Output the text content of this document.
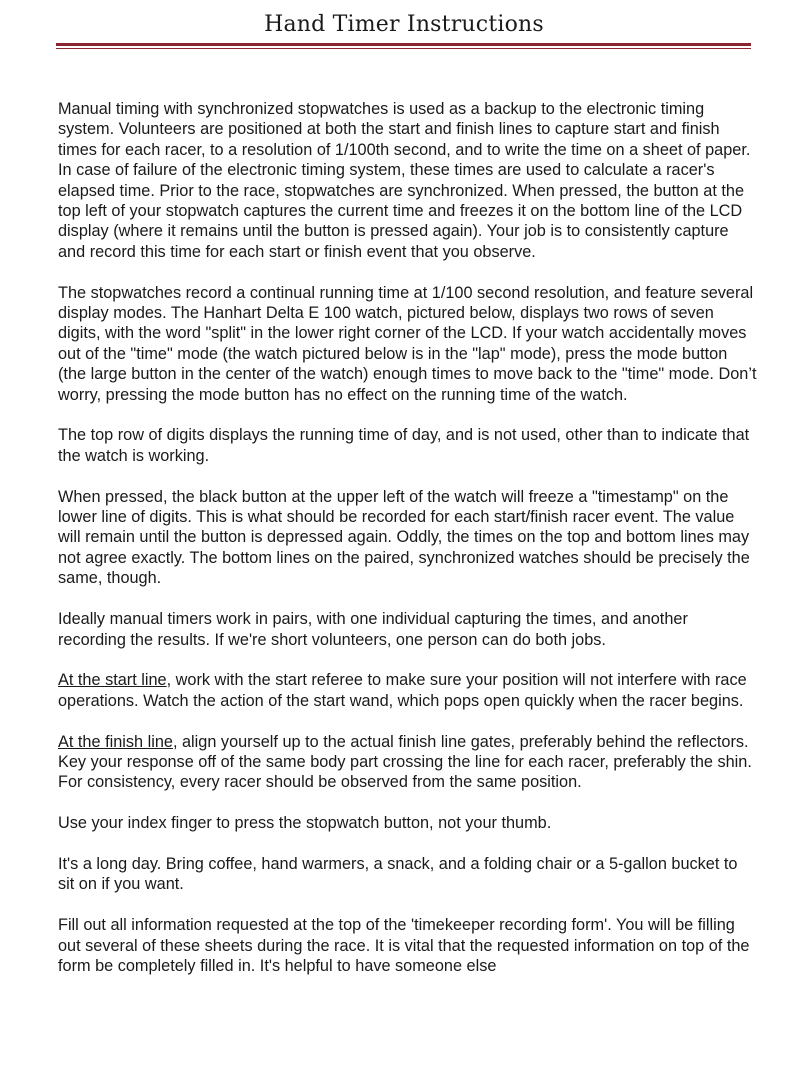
Hand Timer Instructions

Manual timing with synchronized stopwatches is used as a backup to the electronic timing system. Volunteers are positioned at both the start and finish lines to capture start and finish times for each racer, to a resolution of 1/100th second, and to write the time on a sheet of paper. In case of failure of the electronic timing system, these times are used to calculate a racer's elapsed time. Prior to the race, stopwatches are synchronized. When pressed, the button at the top left of your stopwatch captures the current time and freezes it on the bottom line of the LCD display (where it remains until the button is pressed again). Your job is to consistently capture and record this time for each start or finish event that you observe.

The stopwatches record a continual running time at 1/100 second resolution, and feature several display modes. The Hanhart Delta E 100 watch, pictured below, displays two rows of seven digits, with the word "split" in the lower right corner of the LCD. If your watch accidentally moves out of the "time" mode (the watch pictured below is in the "lap" mode), press the mode button (the large button in the center of the watch) enough times to move back to the "time" mode. Don’t worry, pressing the mode button has no effect on the running time of the watch.

The top row of digits displays the running time of day, and is not used, other than to indicate that the watch is working.

When pressed, the black button at the upper left of the watch will freeze a "timestamp" on the lower line of digits. This is what should be recorded for each start/finish racer event. The value will remain until the button is depressed again. Oddly, the times on the top and bottom lines may not agree exactly. The bottom lines on the paired, synchronized watches should be precisely the same, though.

Ideally manual timers work in pairs, with one individual capturing the times, and another recording the results. If we're short volunteers, one person can do both jobs.

At the start line, work with the start referee to make sure your position will not interfere with race operations. Watch the action of the start wand, which pops open quickly when the racer begins.

At the finish line, align yourself up to the actual finish line gates, preferably behind the reflectors. Key your response off of the same body part crossing the line for each racer, preferably the shin. For consistency, every racer should be observed from the same position.

Use your index finger to press the stopwatch button, not your thumb.

It's a long day. Bring coffee, hand warmers, a snack, and a folding chair or a 5-gallon bucket to sit on if you want.

Fill out all information requested at the top of the 'timekeeper recording form'. You will be filling out several of these sheets during the race. It is vital that the requested information on top of the form be completely filled in. It's helpful to have someone else
